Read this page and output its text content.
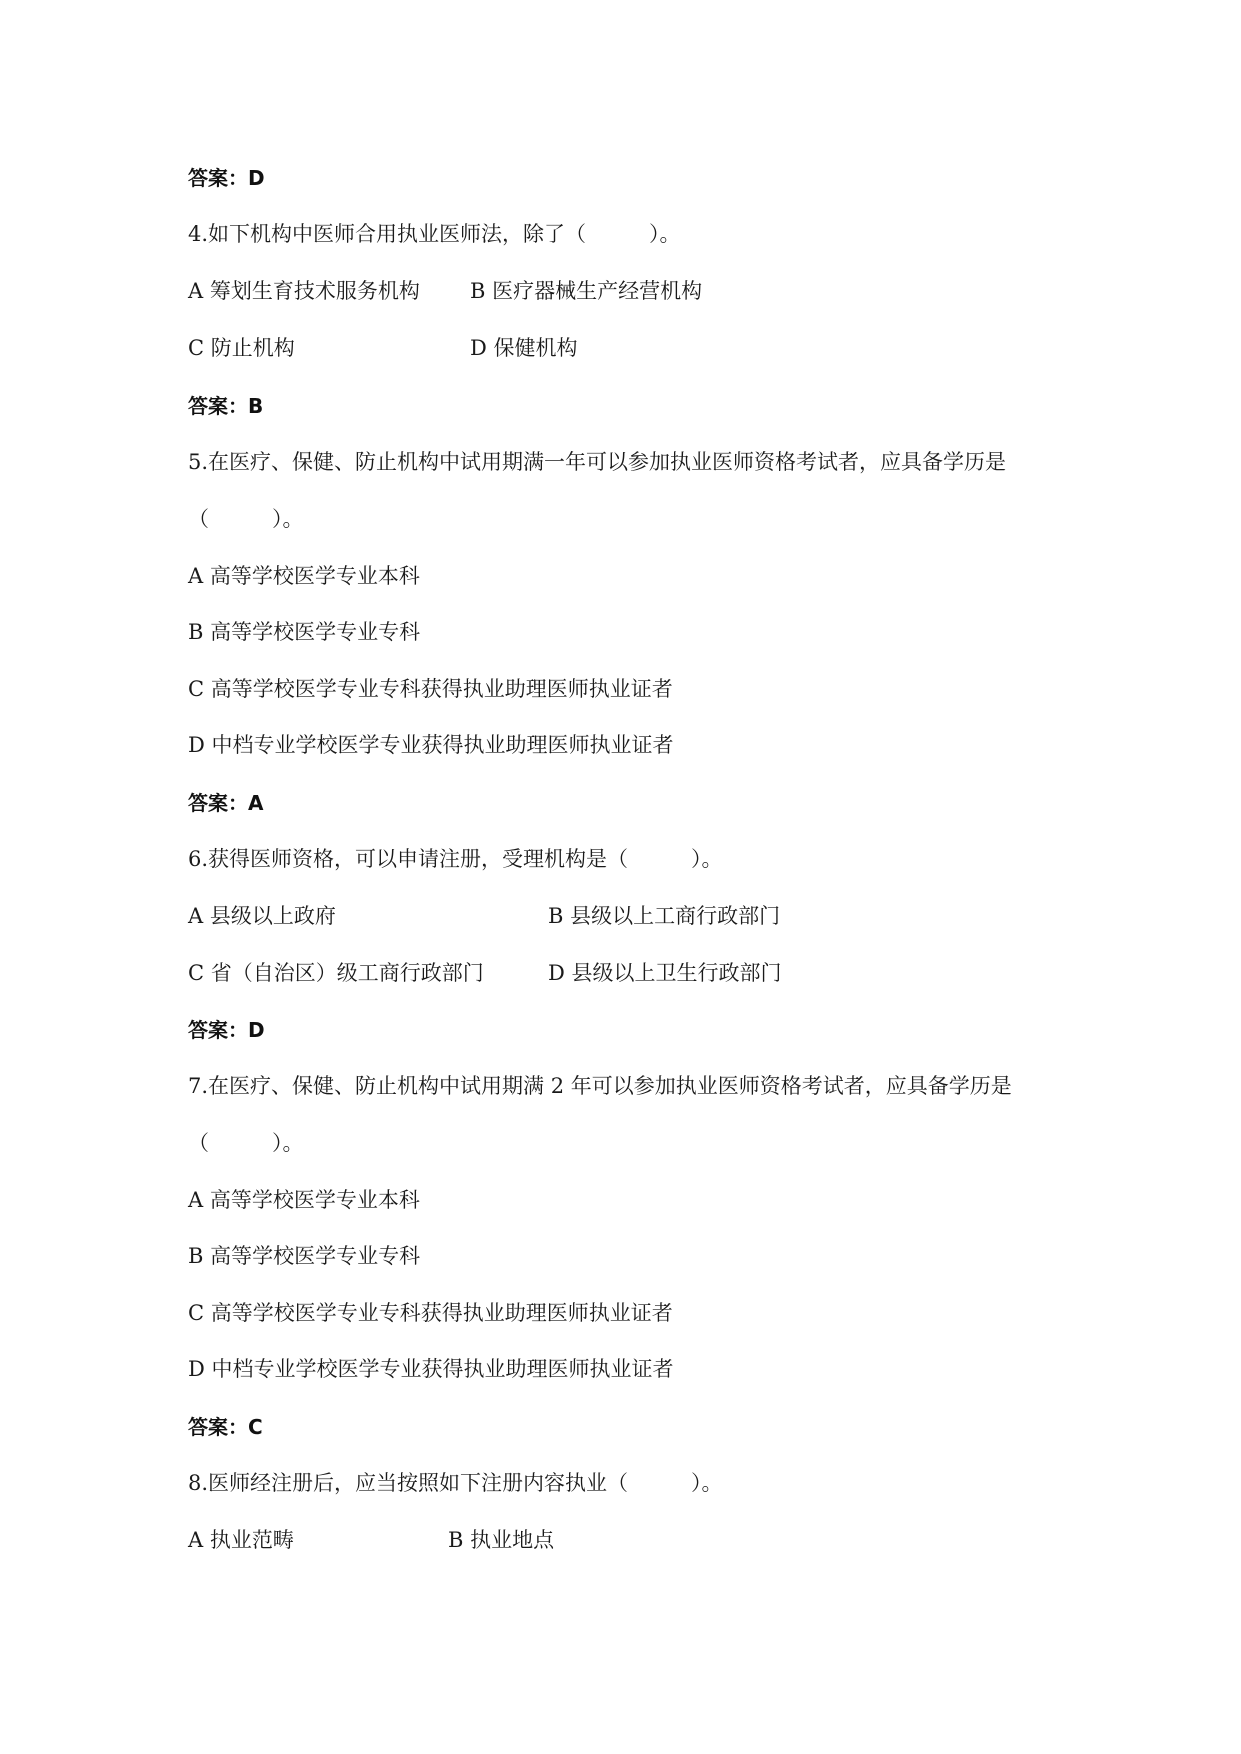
答案：D
4.如下机构中医师合用执业医师法，除了（　　　）。
A 筹划生育技术服务机构 B 医疗器械生产经营机构
C 防止机构	D 保健机构
答案：B
5.在医疗、保健、防止机构中试用期满一年可以参加执业医师资格考试者，应具备学历是
（　　　）。
A 高等学校医学专业本科
B 高等学校医学专业专科
C 高等学校医学专业专科获得执业助理医师执业证者
D 中档专业学校医学专业获得执业助理医师执业证者
答案：A
6.获得医师资格，可以申请注册，受理机构是（　　　）。
A 县级以上政府	B 县级以上工商行政部门
C 省（自治区）级工商行政部门	D 县级以上卫生行政部门
答案：D
7.在医疗、保健、防止机构中试用期满 2 年可以参加执业医师资格考试者，应具备学历是
（　　　）。
A 高等学校医学专业本科
B 高等学校医学专业专科
C 高等学校医学专业专科获得执业助理医师执业证者
D 中档专业学校医学专业获得执业助理医师执业证者
答案：C
8.医师经注册后，应当按照如下注册内容执业（　　　）。
A 执业范畴	B 执业地点
